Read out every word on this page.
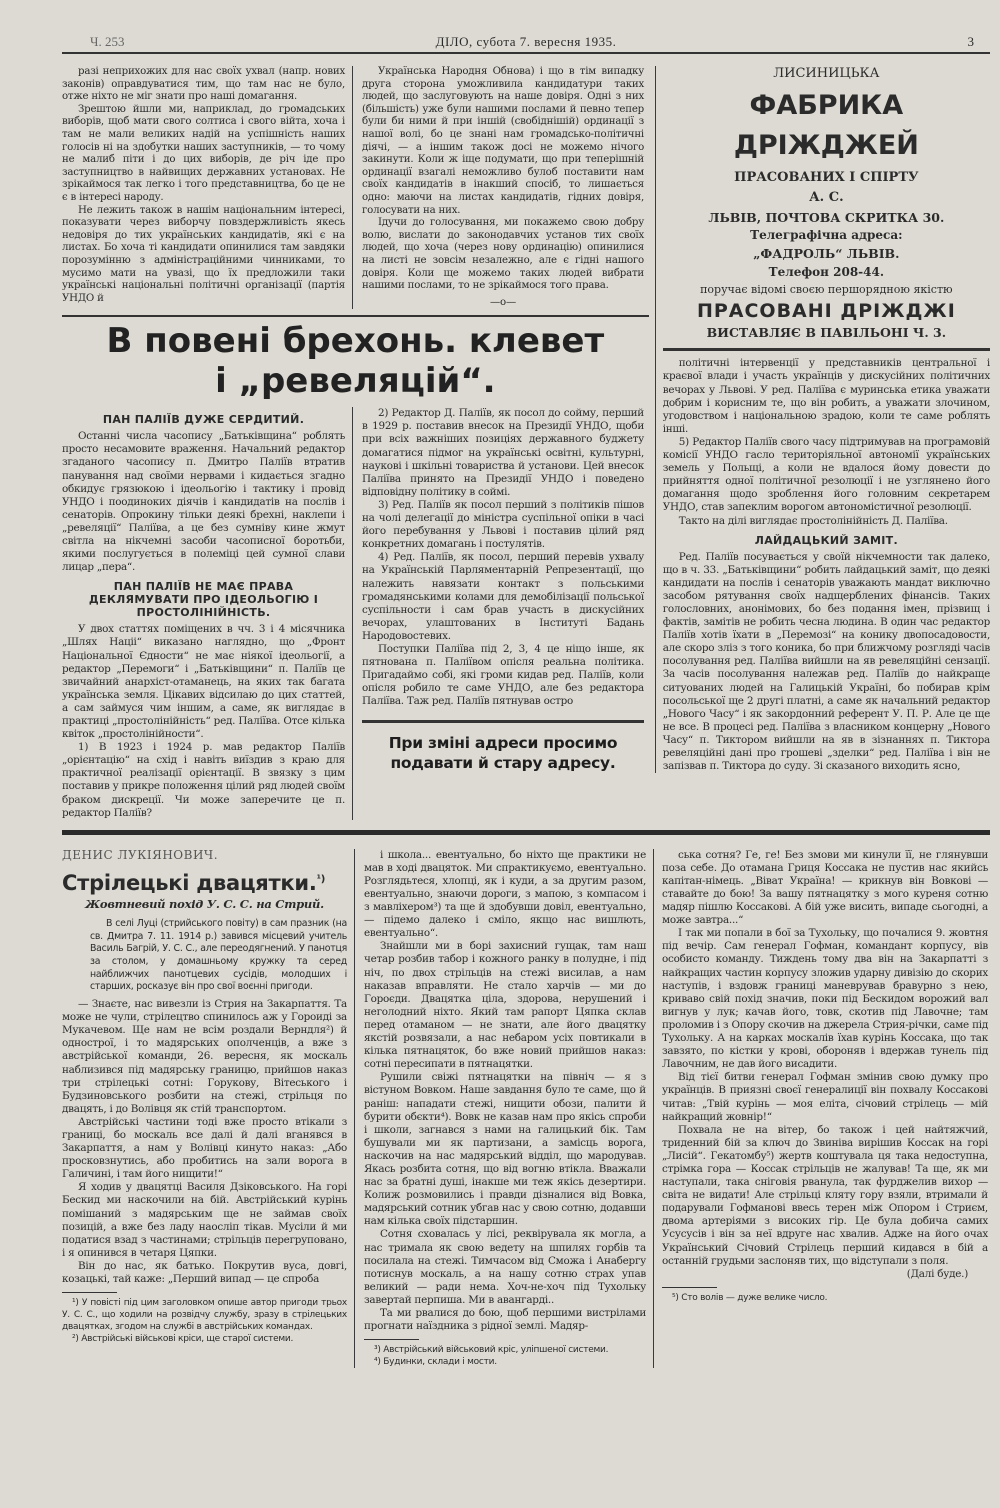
Ч. 253	ДІЛО, субота 7. вересня 1935.	3

разі неприхожих для нас своїх ухвал (напр. нових законів) оправдуватися тим, що там нас не було, отже ніхто не міг знати про наші домагання.

Зрештою йшли ми, наприклад, до громадських виборів, щоб мати свого солтиса і свого війта, хоча і там не мали великих надій на успішність наших голосів ні на здобутки наших заступників, — то чому не малиб піти і до цих виборів, де річ іде про заступництво в найвищих державних установах. Не зрікаймося так легко і того представництва, бо це не є в інтересі народу.

Не лежить також в нашім національним інтересі, показувати через виборчу повздержливість якесь недовіря до тих українських кандидатів, які є на листах. Бо хоча ті кандидати опинилися там завдяки порозумінню з адміністраційними чинниками, то мусимо мати на увазі, що їх предложили таки українські національні політичні організації (партія УНДО й

Українська Народня Обнова) і що в тім випадку друга сторона уможливила кандидатури таких людей, що заслуговують на наше довіря. Одні з них (більшість) уже були нашими послами й певно тепер були би ними й при іншій (свобіднішій) ординації з нашої волі, бо це знані нам громадсько-політичні діячі, — а іншим також досі не можемо нічого закинути. Коли ж іще подумати, що при теперішній ординації взагалі неможливо булоб поставити нам своїх кандидатів в інакший спосіб, то лишається одно: маючи на листах кандидатів, гідних довіря, голосувати на них.

Ідучи до голосування, ми покажемо свою добру волю, вислати до законодавчих установ тих своїх людей, що хоча (через нову ординацію) опинилися на листі не зовсім незалежно, але є гідні нашого довіря. Коли ще можемо таких людей вибрати нашими послами, то не зрікаймося того права.

—o—
В повені брехонь. клевет
і „ревеляцій“.

ПАН ПАЛІЇВ ДУЖЕ СЕРДИТИЙ.

Останні числа часопису „Батьківщина“ роблять просто несамовите враження. Начальний редактор згаданого часопису п. Дмитро Паліїв втратив панування над своїми нервами і кидається згадно обкидує грязюкою і ідеольогію і тактику і провід УНДО і поодиноких діячів і кандидатів на послів і сенаторів. Опрокину тільки деякі брехні, наклепи і „ревеляції“ Паліїва, а це без сумніву кине жмут світла на нікчемні засоби часописної боротьби, якими послугується в полеміці цей сумної слави лицар „пера“.

ПАН ПАЛІЇВ НЕ МАЄ ПРАВА ДЕКЛЯМУВАТИ ПРО ІДЕОЛЬОГІЮ І ПРОСТОЛІНІЙНІСТЬ.

У двох статтях поміщених в чч. 3 і 4 місячника „Шлях Націі“ виказано наглядно, що „Фронт Національної Єдности“ не має ніякої ідеольогії, а редактор „Перемоги“ і „Батьківщини“ п. Паліїв це звичайний анархіст-отаманець, на яких так багата українська земля. Цікавих відсилаю до цих статтей, а сам займуся чим іншим, а саме, як виглядає в практиці „простолінійність“ ред. Паліїва. Отсе кілька квіток „простолінійности“.

1) В 1923 і 1924 р. мав редактор Паліїв „орієнтацію“ на схід і навіть виїздив з краю для практичної реалізації орієнтації. В звязку з цим поставив у прикре положення цілий ряд людей своїм браком дискреції. Чи може заперечите це п. редактор Паліїв?

2) Редактор Д. Паліїв, як посол до сойму, перший в 1929 р. поставив внесок на Президії УНДО, щоби при всіх важніших позиціях державного буджету домагатися підмог на українські освітні, культурні, наукові і шкільні товариства й установи. Цей внесок Паліїва принято на Президії УНДО і поведено відповідну політику в соймі.

3) Ред. Паліїв як посол перший з політиків пішов на чолі делегації до міністра суспільної опіки в часі його перебування у Львові і поставив цілий ряд конкретних домагань і постулятів.

4) Ред. Паліїв, як посол, перший перевів ухвалу на Українській Парляментарній Репрезентації, що належить навязати контакт з польськими громадянськими колами для демобілізації польської суспільности і сам брав участь в дискусійних вечорах, улаштованих в Інституті Бадань Народовостевих.

Поступки Паліїва під 2, 3, 4 це ніщо інше, як пятнована п. Паліївом опісля реальна політика. Пригадаймо собі, які громи кидав ред. Паліїв, коли опісля робило те саме УНДО, але без редактора Паліїва. Таж ред. Паліїв пятнував остро

При зміні адреси просимо
подавати й стару адресу.
ЛИСИНИЦЬКА
ФАБРИКА ДРІЖДЖЕЙ
ПРАСОВАНИХ І СПІРТУ
А. С.
ЛЬВІВ, ПОЧТОВА СКРИТКА 30.
Телеграфічна адреса:
„ФАДРОЛЬ“ ЛЬВІВ.
Телефон 208-44.
поручає відомі своєю першорядною якістю
ПРАСОВАНІ ДРІЖДЖІ
ВИСТАВЛЯЄ В ПАВІЛЬОНІ Ч. 3.

політичні інтервенції у представників центральної і краєвої влади і участь українців у дискусійних політичних вечорах у Львові. У ред. Паліїва є муринська етика уважати добрим і корисним те, що він робить, а уважати злочином, угодовством і національною зрадою, коли те саме роблять інші.

5) Редактор Паліїв свого часу підтримував на програмовій комісії УНДО гасло територіяльної автономії українських земель у Польщі, а коли не вдалося йому довести до прийняття одної політичної резолюції і не узглянено його домагання щодо зроблення його головним секретарем УНДО, став запеклим ворогом автономістичної резолюції.

Такто на ділі виглядає простолінійність Д. Паліїва.

ЛАЙДАЦЬКИЙ ЗАМІТ.

Ред. Паліїв посувається у своїй нікчемности так далеко, що в ч. 33. „Батьківщини“ робить лайдацький заміт, що деякі кандидати на послів і сенаторів уважають мандат виключно засобом рятування своїх надщерблених фінансів. Таких голословних, анонімових, бо без подання імен, прізвищ і фактів, замітів не робить чесна людина. В один час редактор Паліїв хотів їхати в „Перемозі“ на конику двопосадовости, але скоро зліз з того коника, бо при ближчому розгляді часів посолування ред. Паліїва вийшли на яв ревеляційні сензації. За часів посолування належав ред. Паліїв до найкраще ситуованих людей на Галицькій Україні, бо побирав крім посольської ще 2 другі платні, а саме як начальний редактор „Нового Часу“ і як закордонний референт У. П. Р. Але це ще не все. В процесі ред. Паліїва з власником концерну „Нового Часу“ п. Тикторoм вийшли на яв в зізнаннях п. Тиктора ревеляційні дані про грошеві „зделки“ ред. Паліїва і він не запізвав п. Тиктора до суду. Зі сказаного виходить ясно,

ДЕНИС ЛУКІЯНОВИЧ.
Стрілецькі двацятки.$^{^1)}$
Жовтневий похід У. С. С. на Стрий.

В селі Луці (стрийського повіту) в сам празник (на св. Дмитра 7. 11. 1914 р.) завився місцевий учитель Василь Багрій, У. С. С., але переодягнений. У панотця за столом, у домашньому кружку та серед найближчих панотцевих сусідів, молодших і старших, росказує він про свої воєнні пригоди.

— Знаєте, нас вивезли із Стрия на Закарпаття. Та може не чули, стрілецтво спинилось аж у Гороиді за Мукачевом. Ще нам не всім роздали Верндля²) й однострої, і то мадярських ополченців, а вже з австрійської команди, 26. вересня, як москаль наблизився під мадярську границю, прийшов наказ три стрілецькі сотні: Горукову, Вітеського і Будзиновського розбити на стежі, стрільця по двацять, і до Волівця як стій транспортом.

Австрійські частини тоді вже просто втікали з границі, бо москаль все далі й далі вганявся в Закарпаття, а нам у Волівці кинуто наказ: „Або просковзнутись, або пробитись на зали ворога в Галичині, і там його нищити!“

Я ходив у двацятці Василя Дзіковського. На горі Бескид ми наскочили на бій. Австрійський курінь помішаний з мадярським ще не займав своїх позицій, а вже без ладу наосліп тікав. Мусіли й ми податися взад з частинами; стрільців перегруповано, і я опинився в четаря Цяпки.

Він до нас, як батько. Покрутив вуса, довгі, козацькі, тай каже: „Перший випад — це спроба

¹) У повісті під цим заголовком опише автор пригоди трьох У. С. С., що ходили на розвідчу службу, зразу в стрілецьких двацятках, згодом на службі в австрійських командах.

²) Австрійські військові кріси, ще старої системи.

і школа... евентуально, бо ніхто ще практики не мав в ході двацяток. Ми спрактикуємо, евентуально. Розглядьтеся, хлопці, як і куди, а за другим разом, евентуально, знаючи дороги, з мапою, з компасом і з мавліхером³) та ще й здобувши довіл, евентуально, — підемо далеко і сміло, якщо нас вишлють, евентуально“.

Знайшли ми в борі захисний гущак, там наш четар розбив табор і кожного ранку в полудне, і під ніч, по двох стрільців на стежі висилав, а нам наказав вправляти. Не стало харчів — ми до Гороєди. Двацятка ціла, здорова, нерушений і неголодний ніхто. Який там рапорт Цяпка склав перед отаманом — не знати, але його двацятку якстій розвязали, а нас небаром усіх повтикали в кілька пятнацяток, бо вже новий прийшов наказ: сотні пересипати в пятнацятки.

Рушили свіжі пятнацятки на північ — я з вістуном Вовком. Наше завдання було те саме, що й раніш: нападати стежі, нищити обози, палити й бурити обєкти⁴). Вовк не казав нам про якісь спроби і школи, загнався з нами на галицький бік. Там бушували ми як партизани, а замісць ворога, наскочив на нас мадярський відділ, що мародував. Якась розбита сотня, що від вогню втікла. Вважали нас за братні душі, інакше ми теж якісь дезертири. Колиж розмовились і правди дізналися від Вовка, мадярський сотник убгав нас у свою сотню, додавши нам кілька своїх підстаршин.

Сотня сховалась у лісі, реквірувала як могла, а нас тримала як свою ведету на шпилях горбів та посилала на стежі. Тимчасом від Сможа і Анабергу потиснув москаль, а на нашу сотню страх упав великий — ради нема. Хоч-не-хоч під Тухольку завертай перпиша. Ми в авангарді..

Та ми рвалися до бою, щоб першими вистрілами прогнати наїздника з рідної землі. Мадяр-

³) Австрійський військовий кріс, уліпшеної системи.

⁴) Будинки, склади і мости.

ська сотня? Ге, ге! Без змови ми кинули її, не глянувши поза себе. До отамана Гриця Коссака не пустив нас якийсь капітан-німець. „Віват Україна! — крикнув він Вовкові — ставайте до бою! За вашу пятнацятку з мого куреня сотню мадяр пішлю Коссакові. А бій уже висить, випаде сьогодні, а може завтра...“

І так ми попали в бої за Тухольку, що почалися 9. жовтня під вечір. Сам генерал Гофман, командант корпусу, вів особисто команду. Тиждень тому два він на Закарпатті з найкращих частин корпусу зложив ударну дивізію до скорих наступів, і вздовж границі маневрував бравурно з нею, криваво свій похід значив, поки під Бескидом ворожий вал вигнув у лук; качав його, товк, скотив під Лавочне; там проломив і з Опору скочив на джерела Стрия-річки, саме під Тухольку. А на карках москалів їхав курінь Коссака, що так завзято, по кістки у крові, обороняв і вдержав тунель під Лавочним, не дав його висадити.

Від тієї битви генерал Гофман змінив свою думку про українців. В приязні своєї генералиції він похвалу Коссакові читав: „Твій курінь — моя еліта, січовий стрілець — мій найкращий жовнір!“

Похвала не на вітер, бо також і цей найтяжчий, триденний бій за ключ до Звиніва вирішив Коссак на горі „Лисій“. Гекатомбу⁵) жертв коштувала ця така недоступна, стрімка гора — Коссак стрільців не жалував! Та ще, як ми наступали, така сніговія рванула, так фурджелив вихор — світа не видати! Але стрільці кляту гору взяли, втримали й подарували Гофманові ввесь терен між Опором і Стриєм, двома артеріями з високих гір. Це була добича самих Усусусів і він за неї вдруге нас хвалив. Адже на його очах Український Січовий Стрілець перший кидався в бій а останній грудьми заслоняв тих, що відступали з поля.

(Далі буде.)

⁵) Сто волів — дуже велике число.
